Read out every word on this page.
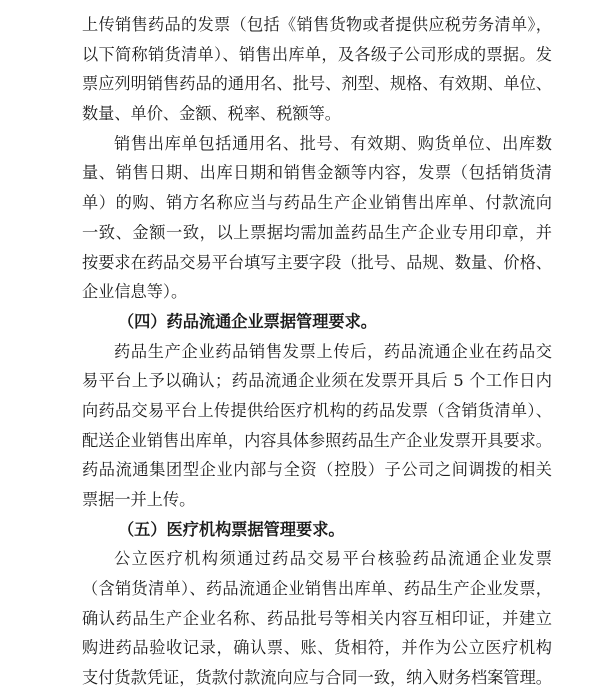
上传销售药品的发票（包括《销售货物或者提供应税劳务清单》，
以下简称销货清单）、销售出库单，及各级子公司形成的票据。发
票应列明销售药品的通用名、批号、剂型、规格、有效期、单位、
数量、单价、金额、税率、税额等。
销售出库单包括通用名、批号、有效期、购货单位、出库数
量、销售日期、出库日期和销售金额等内容，发票（包括销货清
单）的购、销方名称应当与药品生产企业销售出库单、付款流向
一致、金额一致，以上票据均需加盖药品生产企业专用印章，并
按要求在药品交易平台填写主要字段（批号、品规、数量、价格、
企业信息等）。
（四）药品流通企业票据管理要求。
药品生产企业药品销售发票上传后，药品流通企业在药品交
易平台上予以确认；药品流通企业须在发票开具后 5 个工作日内
向药品交易平台上传提供给医疗机构的药品发票（含销货清单）、
配送企业销售出库单，内容具体参照药品生产企业发票开具要求。
药品流通集团型企业内部与全资（控股）子公司之间调拨的相关
票据一并上传。
（五）医疗机构票据管理要求。
公立医疗机构须通过药品交易平台核验药品流通企业发票
（含销货清单）、药品流通企业销售出库单、药品生产企业发票，
确认药品生产企业名称、药品批号等相关内容互相印证，并建立
购进药品验收记录，确认票、账、货相符，并作为公立医疗机构
支付货款凭证，货款付款流向应与合同一致，纳入财务档案管理。
